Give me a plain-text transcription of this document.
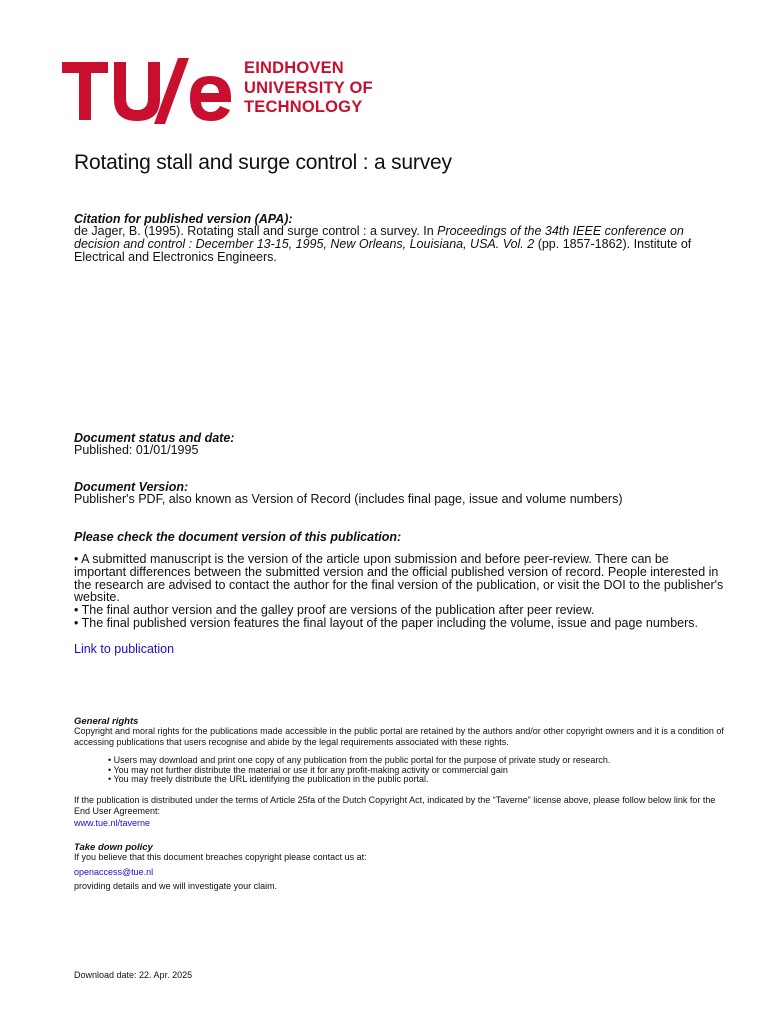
EINDHOVEN
UNIVERSITY OF
TECHNOLOGY
Rotating stall and surge control : a survey
Citation for published version (APA):
de Jager, B. (1995). Rotating stall and surge control : a survey. In Proceedings of the 34th IEEE conference on decision and control : December 13-15, 1995, New Orleans, Louisiana, USA. Vol. 2 (pp. 1857-1862). Institute of Electrical and Electronics Engineers.
Document status and date:
Published: 01/01/1995
Document Version:
Publisher's PDF, also known as Version of Record (includes final page, issue and volume numbers)
Please check the document version of this publication:
• A submitted manuscript is the version of the article upon submission and before peer-review. There can be important differences between the submitted version and the official published version of record. People interested in the research are advised to contact the author for the final version of the publication, or visit the DOI to the publisher's website.
• The final author version and the galley proof are versions of the publication after peer review.
• The final published version features the final layout of the paper including the volume, issue and page numbers.
Link to publication
General rights
Copyright and moral rights for the publications made accessible in the public portal are retained by the authors and/or other copyright owners and it is a condition of accessing publications that users recognise and abide by the legal requirements associated with these rights.
• Users may download and print one copy of any publication from the public portal for the purpose of private study or research.
• You may not further distribute the material or use it for any profit-making activity or commercial gain
• You may freely distribute the URL identifying the publication in the public portal.
If the publication is distributed under the terms of Article 25fa of the Dutch Copyright Act, indicated by the “Taverne” license above, please follow below link for the End User Agreement:
www.tue.nl/taverne
Take down policy
If you believe that this document breaches copyright please contact us at:
openaccess@tue.nl
providing details and we will investigate your claim.
Download date: 22. Apr. 2025
